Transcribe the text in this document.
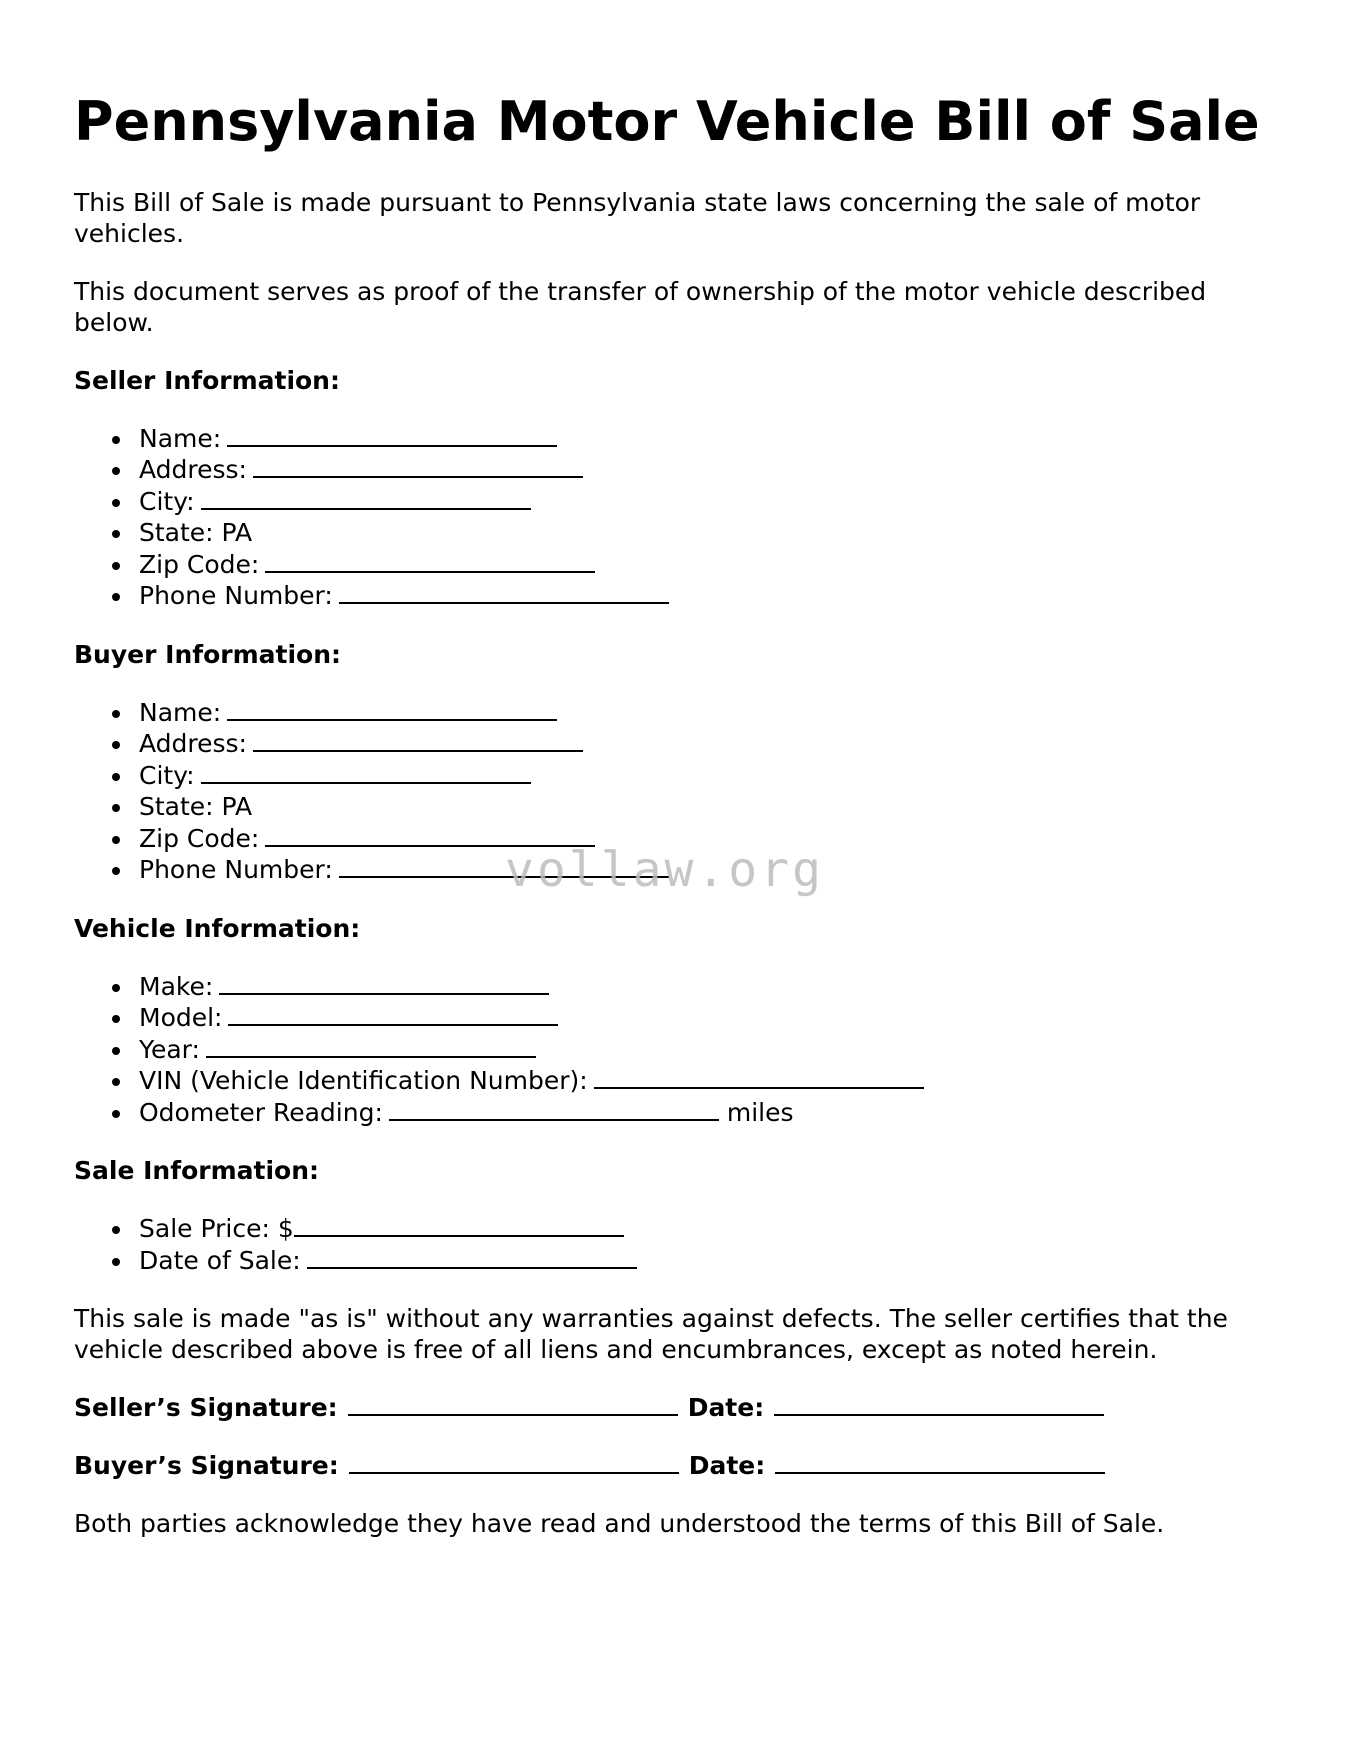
Pennsylvania Motor Vehicle Bill of Sale

This Bill of Sale is made pursuant to Pennsylvania state laws concerning the sale of motor vehicles.

This document serves as proof of the transfer of ownership of the motor vehicle described below.

Seller Information:
Name:
Address:
City:
State: PA
Zip Code:
Phone Number:
Buyer Information:
Name:
Address:
City:
State: PA
Zip Code:
Phone Number:
Vehicle Information:
Make:
Model:
Year:
VIN (Vehicle Identification Number):
Odometer Reading:	miles
Sale Information:
Sale Price: $
Date of Sale:

This sale is made "as is" without any warranties against defects. The seller certifies that the vehicle described above is free of all liens and encumbrances, except as noted herein.

Seller’s Signature:	Date:
Buyer’s Signature:	Date:

Both parties acknowledge they have read and understood the terms of this Bill of Sale.

vollaw.org
